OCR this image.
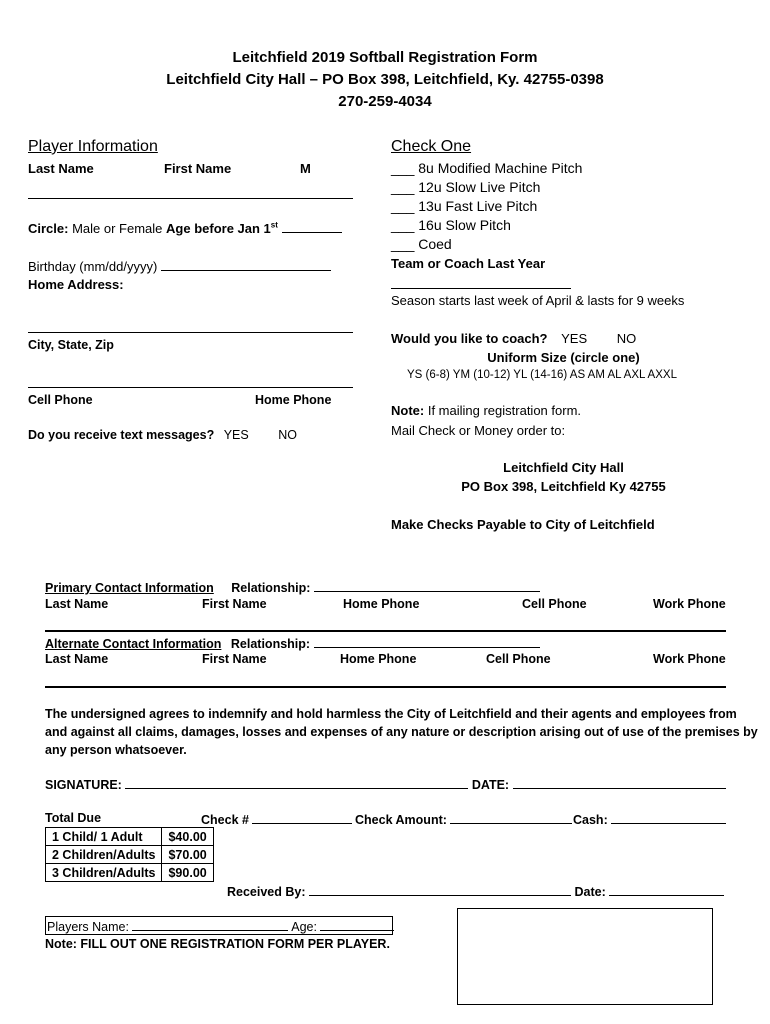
Leitchfield 2019 Softball Registration Form
Leitchfield City Hall – PO Box 398, Leitchfield, Ky. 42755-0398
270-259-4034
Player Information
Last Name	First Name	M
Circle: Male or Female Age before Jan 1st
Birthday (mm/dd/yyyy)
Home Address:
City, State, Zip
Cell Phone	Home Phone
Do you receive text messages? YES NO
Check One
___ 8u Modified Machine Pitch
___ 12u Slow Live Pitch
___ 13u Fast Live Pitch
___ 16u Slow Pitch
___ Coed
Team or Coach Last Year
Season starts last week of April & lasts for 9 weeks
Would you like to coach? YES NO
Uniform Size (circle one)
YS (6-8) YM (10-12) YL (14-16) AS AM AL AXL AXXL
Note: If mailing registration form.
Mail Check or Money order to:
Leitchfield City Hall
PO Box 398, Leitchfield Ky 42755
Make Checks Payable to City of Leitchfield
Primary Contact Information Relationship:
Last Name	First Name	Home Phone	Cell Phone	Work Phone
Alternate Contact Information Relationship:
Last Name	First Name	Home Phone	Cell Phone	Work Phone
The undersigned agrees to indemnify and hold harmless the City of Leitchfield and their agents and employees from
and against all claims, damages, losses and expenses of any nature or description arising out of use of the premises by
any person whatsoever.
SIGNATURE:	DATE:
Total Due	Check #	Check Amount:	Cash:
1 Child/ 1 Adult	$40.00
2 Children/Adults	$70.00
3 Children/Adults	$90.00
Received By:	Date:
Players Name:	Age:
Note: FILL OUT ONE REGISTRATION FORM PER PLAYER.
